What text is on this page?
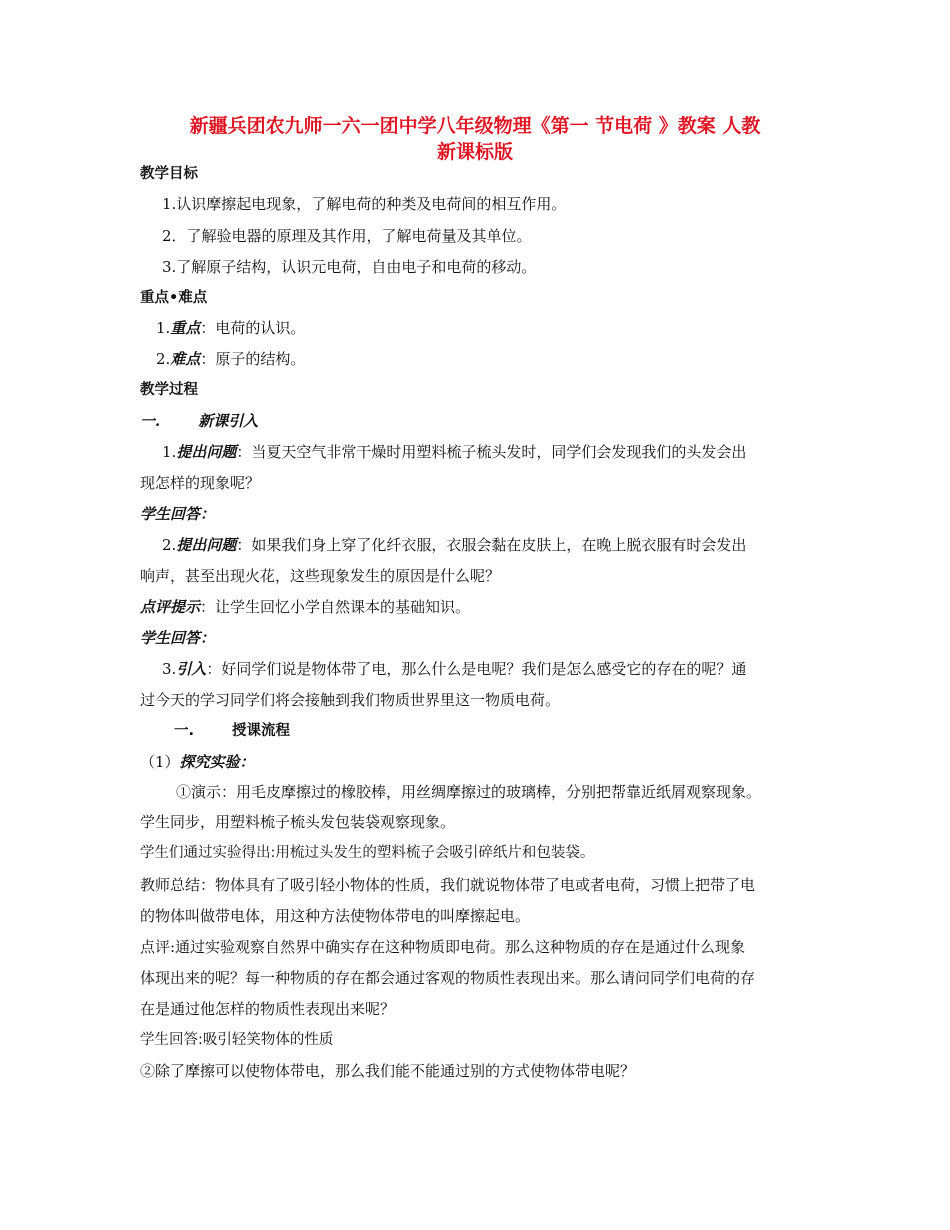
新疆兵团农九师一六一团中学八年级物理《第一 节电荷 》教案 人教
新课标版
教学目标
1.认识摩擦起电现象，了解电荷的种类及电荷间的相互作用。
2．了解验电器的原理及其作用，了解电荷量及其单位。
3.了解原子结构，认识元电荷，自由电子和电荷的移动。
重点•难点
1.重点：电荷的认识。
2.难点：原子的结构。
教学过程
一.	新课引入
1.提出问题：当夏天空气非常干燥时用塑料梳子梳头发时，同学们会发现我们的头发会出
现怎样的现象呢？
学生回答：
2.提出问题：如果我们身上穿了化纤衣服，衣服会黏在皮肤上，在晚上脱衣服有时会发出
响声，甚至出现火花，这些现象发生的原因是什么呢？
点评提示：让学生回忆小学自然课本的基础知识。
学生回答：
3.引入：好同学们说是物体带了电，那么什么是电呢？我们是怎么感受它的存在的呢？通
过今天的学习同学们将会接触到我们物质世界里这一物质电荷。
一.	授课流程
（1）探究实验：
①演示：用毛皮摩擦过的橡胶棒，用丝绸摩擦过的玻璃棒，分别把帮靠近纸屑观察现象。
学生同步，用塑料梳子梳头发包装袋观察现象。
学生们通过实验得出:用梳过头发生的塑料梳子会吸引碎纸片和包装袋。
教师总结：物体具有了吸引轻小物体的性质，我们就说物体带了电或者电荷，习惯上把带了电
的物体叫做带电体，用这种方法使物体带电的叫摩擦起电。
点评:通过实验观察自然界中确实存在这种物质即电荷。那么这种物质的存在是通过什么现象
体现出来的呢？每一种物质的存在都会通过客观的物质性表现出来。那么请问同学们电荷的存
在是通过他怎样的物质性表现出来呢？
学生回答:吸引轻笑物体的性质
②除了摩擦可以使物体带电，那么我们能不能通过别的方式使物体带电呢？
